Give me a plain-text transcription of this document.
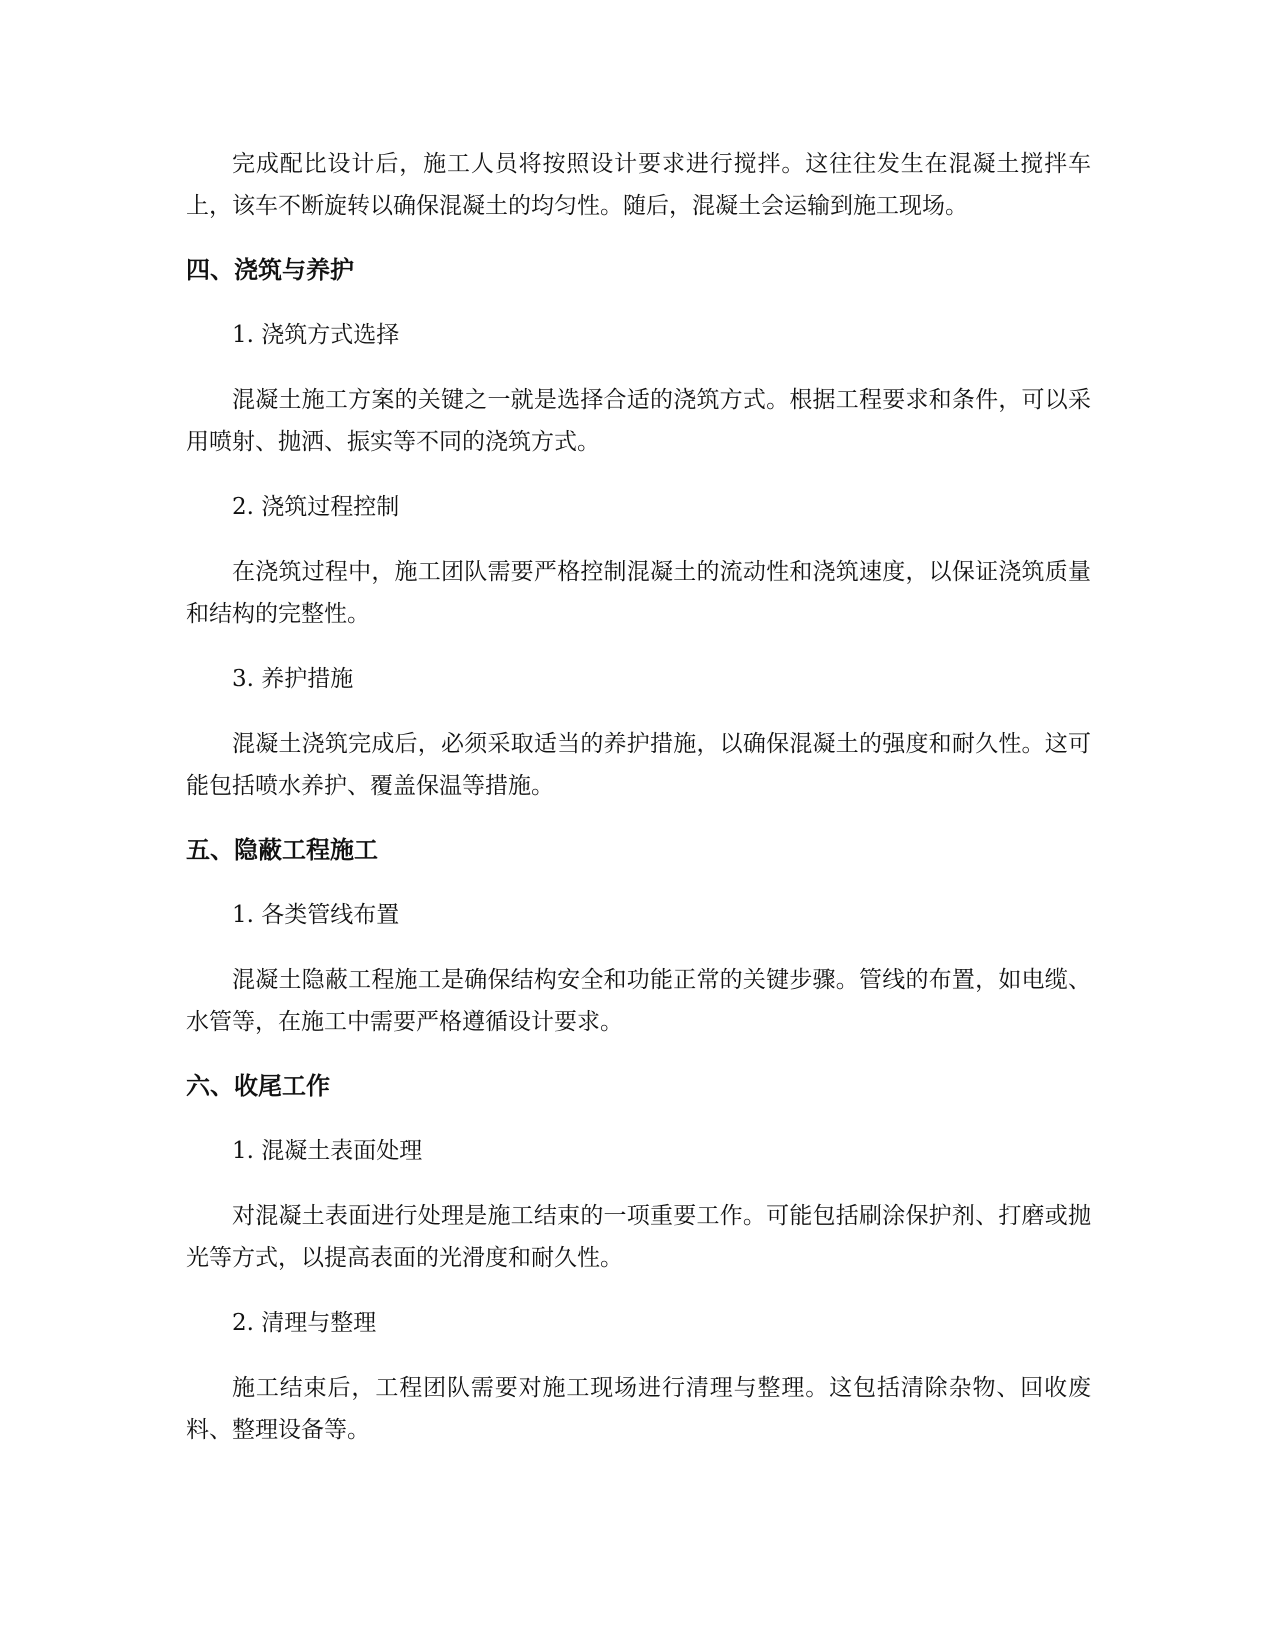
完成配比设计后，施工人员将按照设计要求进行搅拌。这往往发生在混凝土搅拌车上，该车不断旋转以确保混凝土的均匀性。随后，混凝土会运输到施工现场。

四、浇筑与养护

1. 浇筑方式选择

混凝土施工方案的关键之一就是选择合适的浇筑方式。根据工程要求和条件，可以采用喷射、抛洒、振实等不同的浇筑方式。

2. 浇筑过程控制

在浇筑过程中，施工团队需要严格控制混凝土的流动性和浇筑速度，以保证浇筑质量和结构的完整性。

3. 养护措施

混凝土浇筑完成后，必须采取适当的养护措施，以确保混凝土的强度和耐久性。这可能包括喷水养护、覆盖保温等措施。

五、隐蔽工程施工

1. 各类管线布置

混凝土隐蔽工程施工是确保结构安全和功能正常的关键步骤。管线的布置，如电缆、水管等，在施工中需要严格遵循设计要求。

六、收尾工作

1. 混凝土表面处理

对混凝土表面进行处理是施工结束的一项重要工作。可能包括刷涂保护剂、打磨或抛光等方式，以提高表面的光滑度和耐久性。

2. 清理与整理

施工结束后，工程团队需要对施工现场进行清理与整理。这包括清除杂物、回收废料、整理设备等。
